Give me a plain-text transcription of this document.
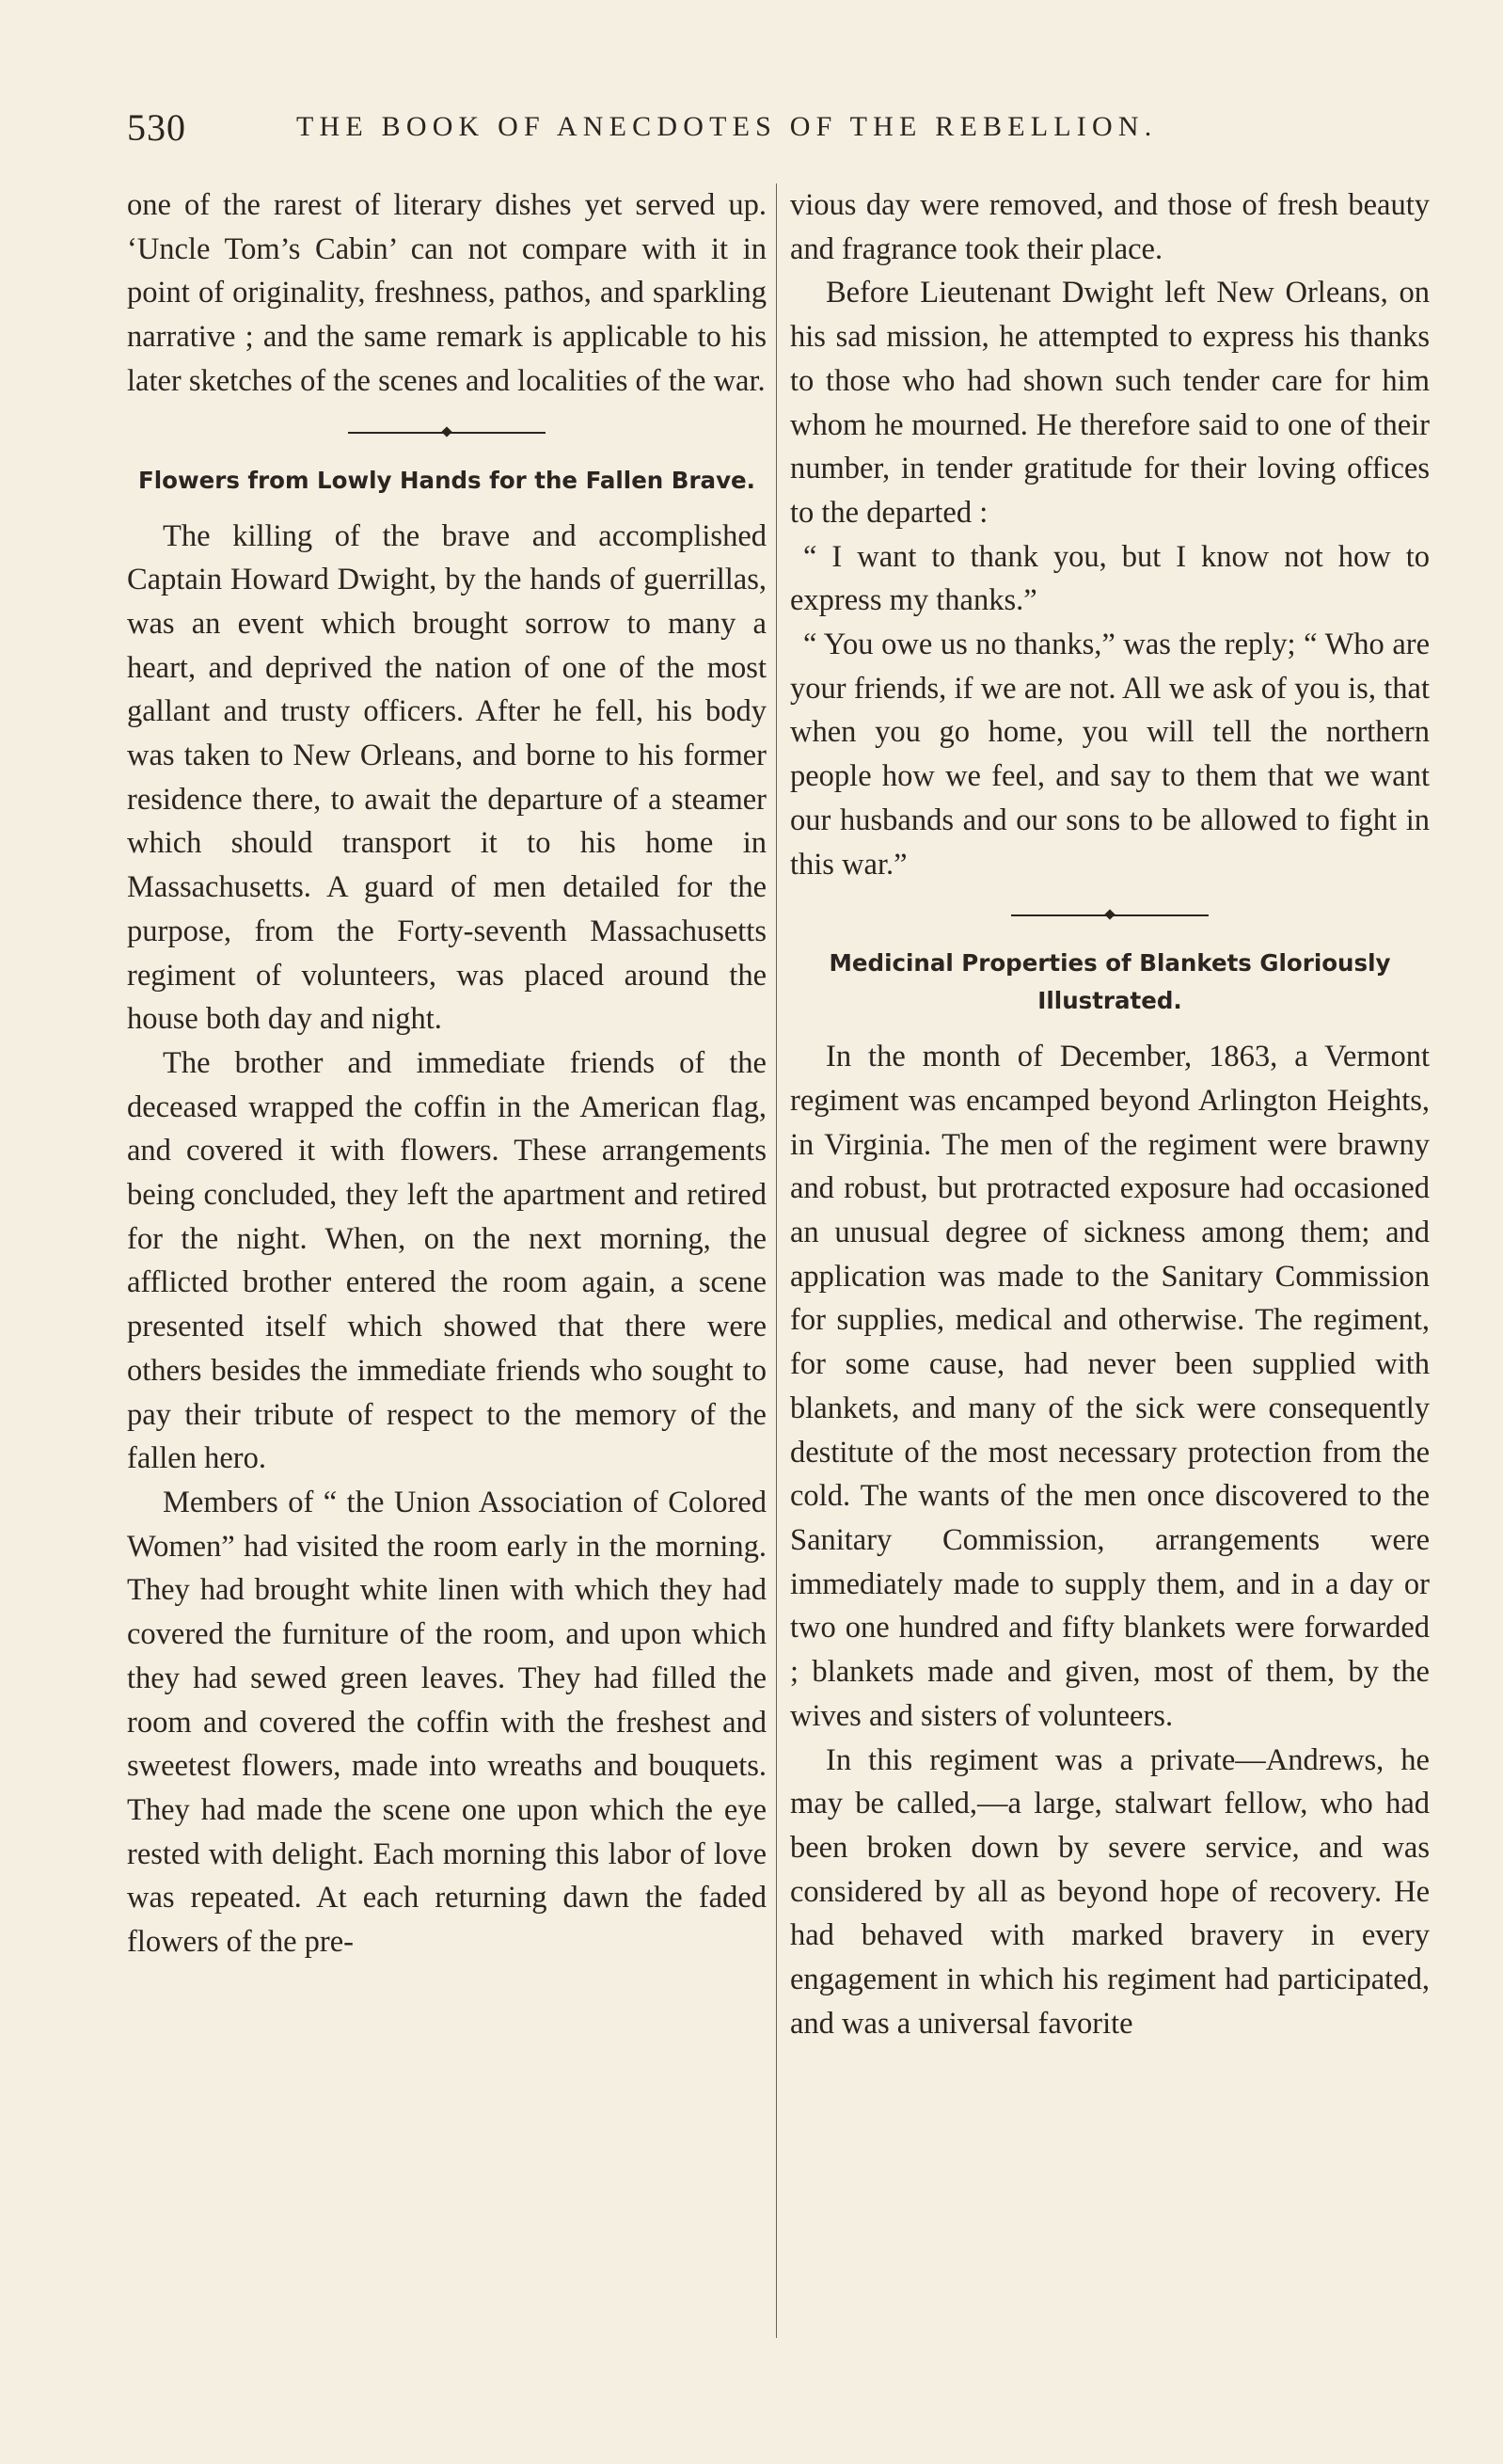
530	THE BOOK OF ANECDOTES OF THE REBELLION.

one of the rarest of literary dishes yet served up. ‘Uncle Tom’s Cabin’ can not compare with it in point of originality, freshness, pathos, and sparkling narrative ; and the same remark is applicable to his later sketches of the scenes and localities of the war.

Flowers from Lowly Hands for the Fallen Brave.

The killing of the brave and accomplished Captain Howard Dwight, by the hands of guerrillas, was an event which brought sorrow to many a heart, and deprived the nation of one of the most gallant and trusty officers. After he fell, his body was taken to New Orleans, and borne to his former residence there, to await the departure of a steamer which should transport it to his home in Massachusetts. A guard of men detailed for the purpose, from the Forty-seventh Massachusetts regiment of volunteers, was placed around the house both day and night.

The brother and immediate friends of the deceased wrapped the coffin in the American flag, and covered it with flowers. These arrangements being concluded, they left the apartment and retired for the night. When, on the next morning, the afflicted brother entered the room again, a scene presented itself which showed that there were others besides the immediate friends who sought to pay their tribute of respect to the memory of the fallen hero.

Members of “ the Union Association of Colored Women” had visited the room early in the morning. They had brought white linen with which they had covered the furniture of the room, and upon which they had sewed green leaves. They had filled the room and covered the coffin with the freshest and sweetest flowers, made into wreaths and bouquets. They had made the scene one upon which the eye rested with delight. Each morning this labor of love was repeated. At each returning dawn the faded flowers of the pre-

vious day were removed, and those of fresh beauty and fragrance took their place.

Before Lieutenant Dwight left New Orleans, on his sad mission, he attempted to express his thanks to those who had shown such tender care for him whom he mourned. He therefore said to one of their number, in tender gratitude for their loving offices to the departed :

“ I want to thank you, but I know not how to express my thanks.”

“ You owe us no thanks,” was the reply; “ Who are your friends, if we are not. All we ask of you is, that when you go home, you will tell the northern people how we feel, and say to them that we want our husbands and our sons to be allowed to fight in this war.”

Medicinal Properties of Blankets Gloriously Illustrated.

In the month of December, 1863, a Vermont regiment was encamped beyond Arlington Heights, in Virginia. The men of the regiment were brawny and robust, but protracted exposure had occasioned an unusual degree of sickness among them; and application was made to the Sanitary Commission for supplies, medical and otherwise. The regiment, for some cause, had never been supplied with blankets, and many of the sick were consequently destitute of the most necessary protection from the cold. The wants of the men once discovered to the Sanitary Commission, arrangements were immediately made to supply them, and in a day or two one hundred and fifty blankets were forwarded ; blankets made and given, most of them, by the wives and sisters of volunteers.

In this regiment was a private—Andrews, he may be called,—a large, stalwart fellow, who had been broken down by severe service, and was considered by all as beyond hope of recovery. He had behaved with marked bravery in every engagement in which his regiment had participated, and was a universal favorite
